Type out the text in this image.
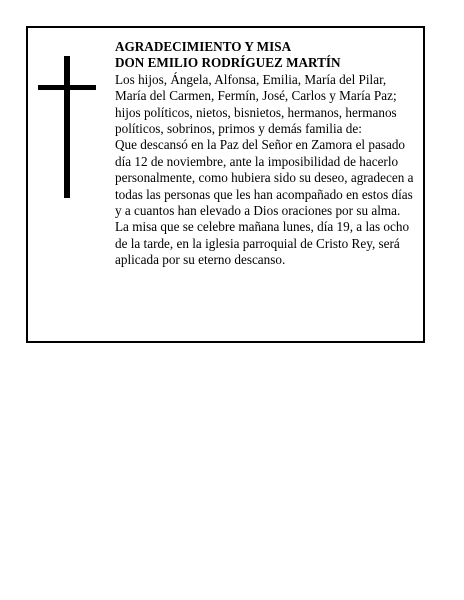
AGRADECIMIENTO Y MISA

DON EMILIO RODRÍGUEZ MARTÍN

Los hijos, Ángela, Alfonsa, Emilia, María del Pilar, María del Carmen, Fermín, José, Carlos y María Paz; hijos políticos, nietos, bisnietos, hermanos, hermanos políticos, sobrinos, primos y demás familia de:

Que descansó en la Paz del Señor en Zamora el pasado día 12 de noviembre, ante la imposibilidad de hacerlo personalmente, como hubiera sido su deseo, agradecen a todas las personas que les han acompañado en estos días y a cuantos han elevado a Dios oraciones por su alma.

La misa que se celebre mañana lunes, día 19, a las ocho de la tarde, en la iglesia parroquial de Cristo Rey, será aplicada por su eterno descanso.
